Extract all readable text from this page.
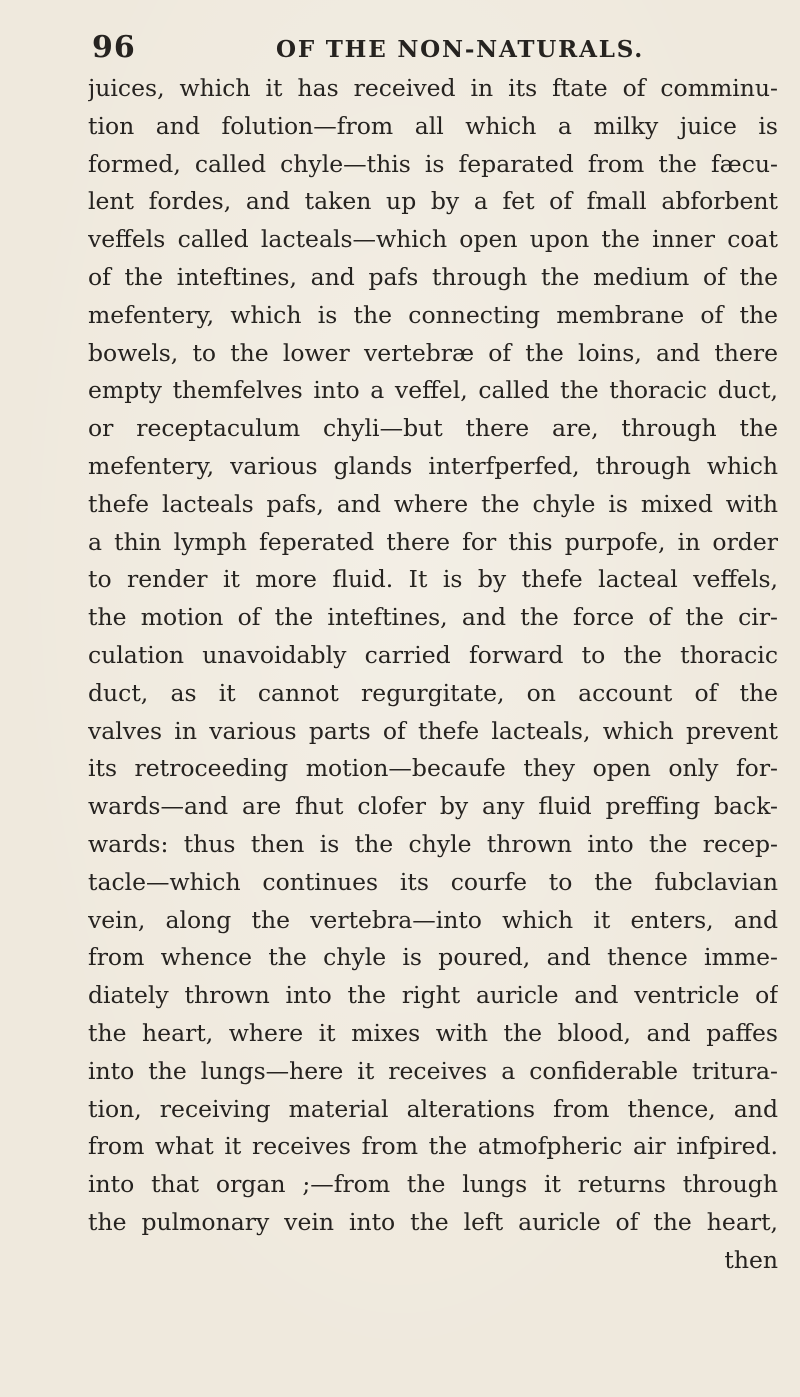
96	OF THE NON-NATURALS.
juices, which it has received in its ftate of comminu-
tion and folution—from all which a milky juice is
formed, called chyle—this is feparated from the fæcu-
lent fordes, and taken up by a fet of fmall abforbent
veffels called lacteals—which open upon the inner coat
of the inteftines, and pafs through the medium of the
mefentery, which is the connecting membrane of the
bowels, to the lower vertebræ of the loins, and there
empty themfelves into a veffel, called the thoracic duct,
or receptaculum chyli—but there are, through the
mefentery, various glands interfperfed, through which
thefe lacteals pafs, and where the chyle is mixed with
a thin lymph feperated there for this purpofe, in order
to render it more fluid. It is by thefe lacteal veffels,
the motion of the inteftines, and the force of the cir-
culation unavoidably carried forward to the thoracic
duct, as it cannot regurgitate, on account of the
valves in various parts of thefe lacteals, which prevent
its retroceeding motion—becaufe they open only for-
wards—and are fhut clofer by any fluid preffing back-
wards: thus then is the chyle thrown into the recep-
tacle—which continues its courfe to the fubclavian
vein, along the vertebra—into which it enters, and
from whence the chyle is poured, and thence imme-
diately thrown into the right auricle and ventricle of
the heart, where it mixes with the blood, and paffes
into the lungs—here it receives a confiderable tritura-
tion, receiving material alterations from thence, and
from what it receives from the atmofpheric air infpired.
into that organ ;—from the lungs it returns through
the pulmonary vein into the left auricle of the heart,
then
